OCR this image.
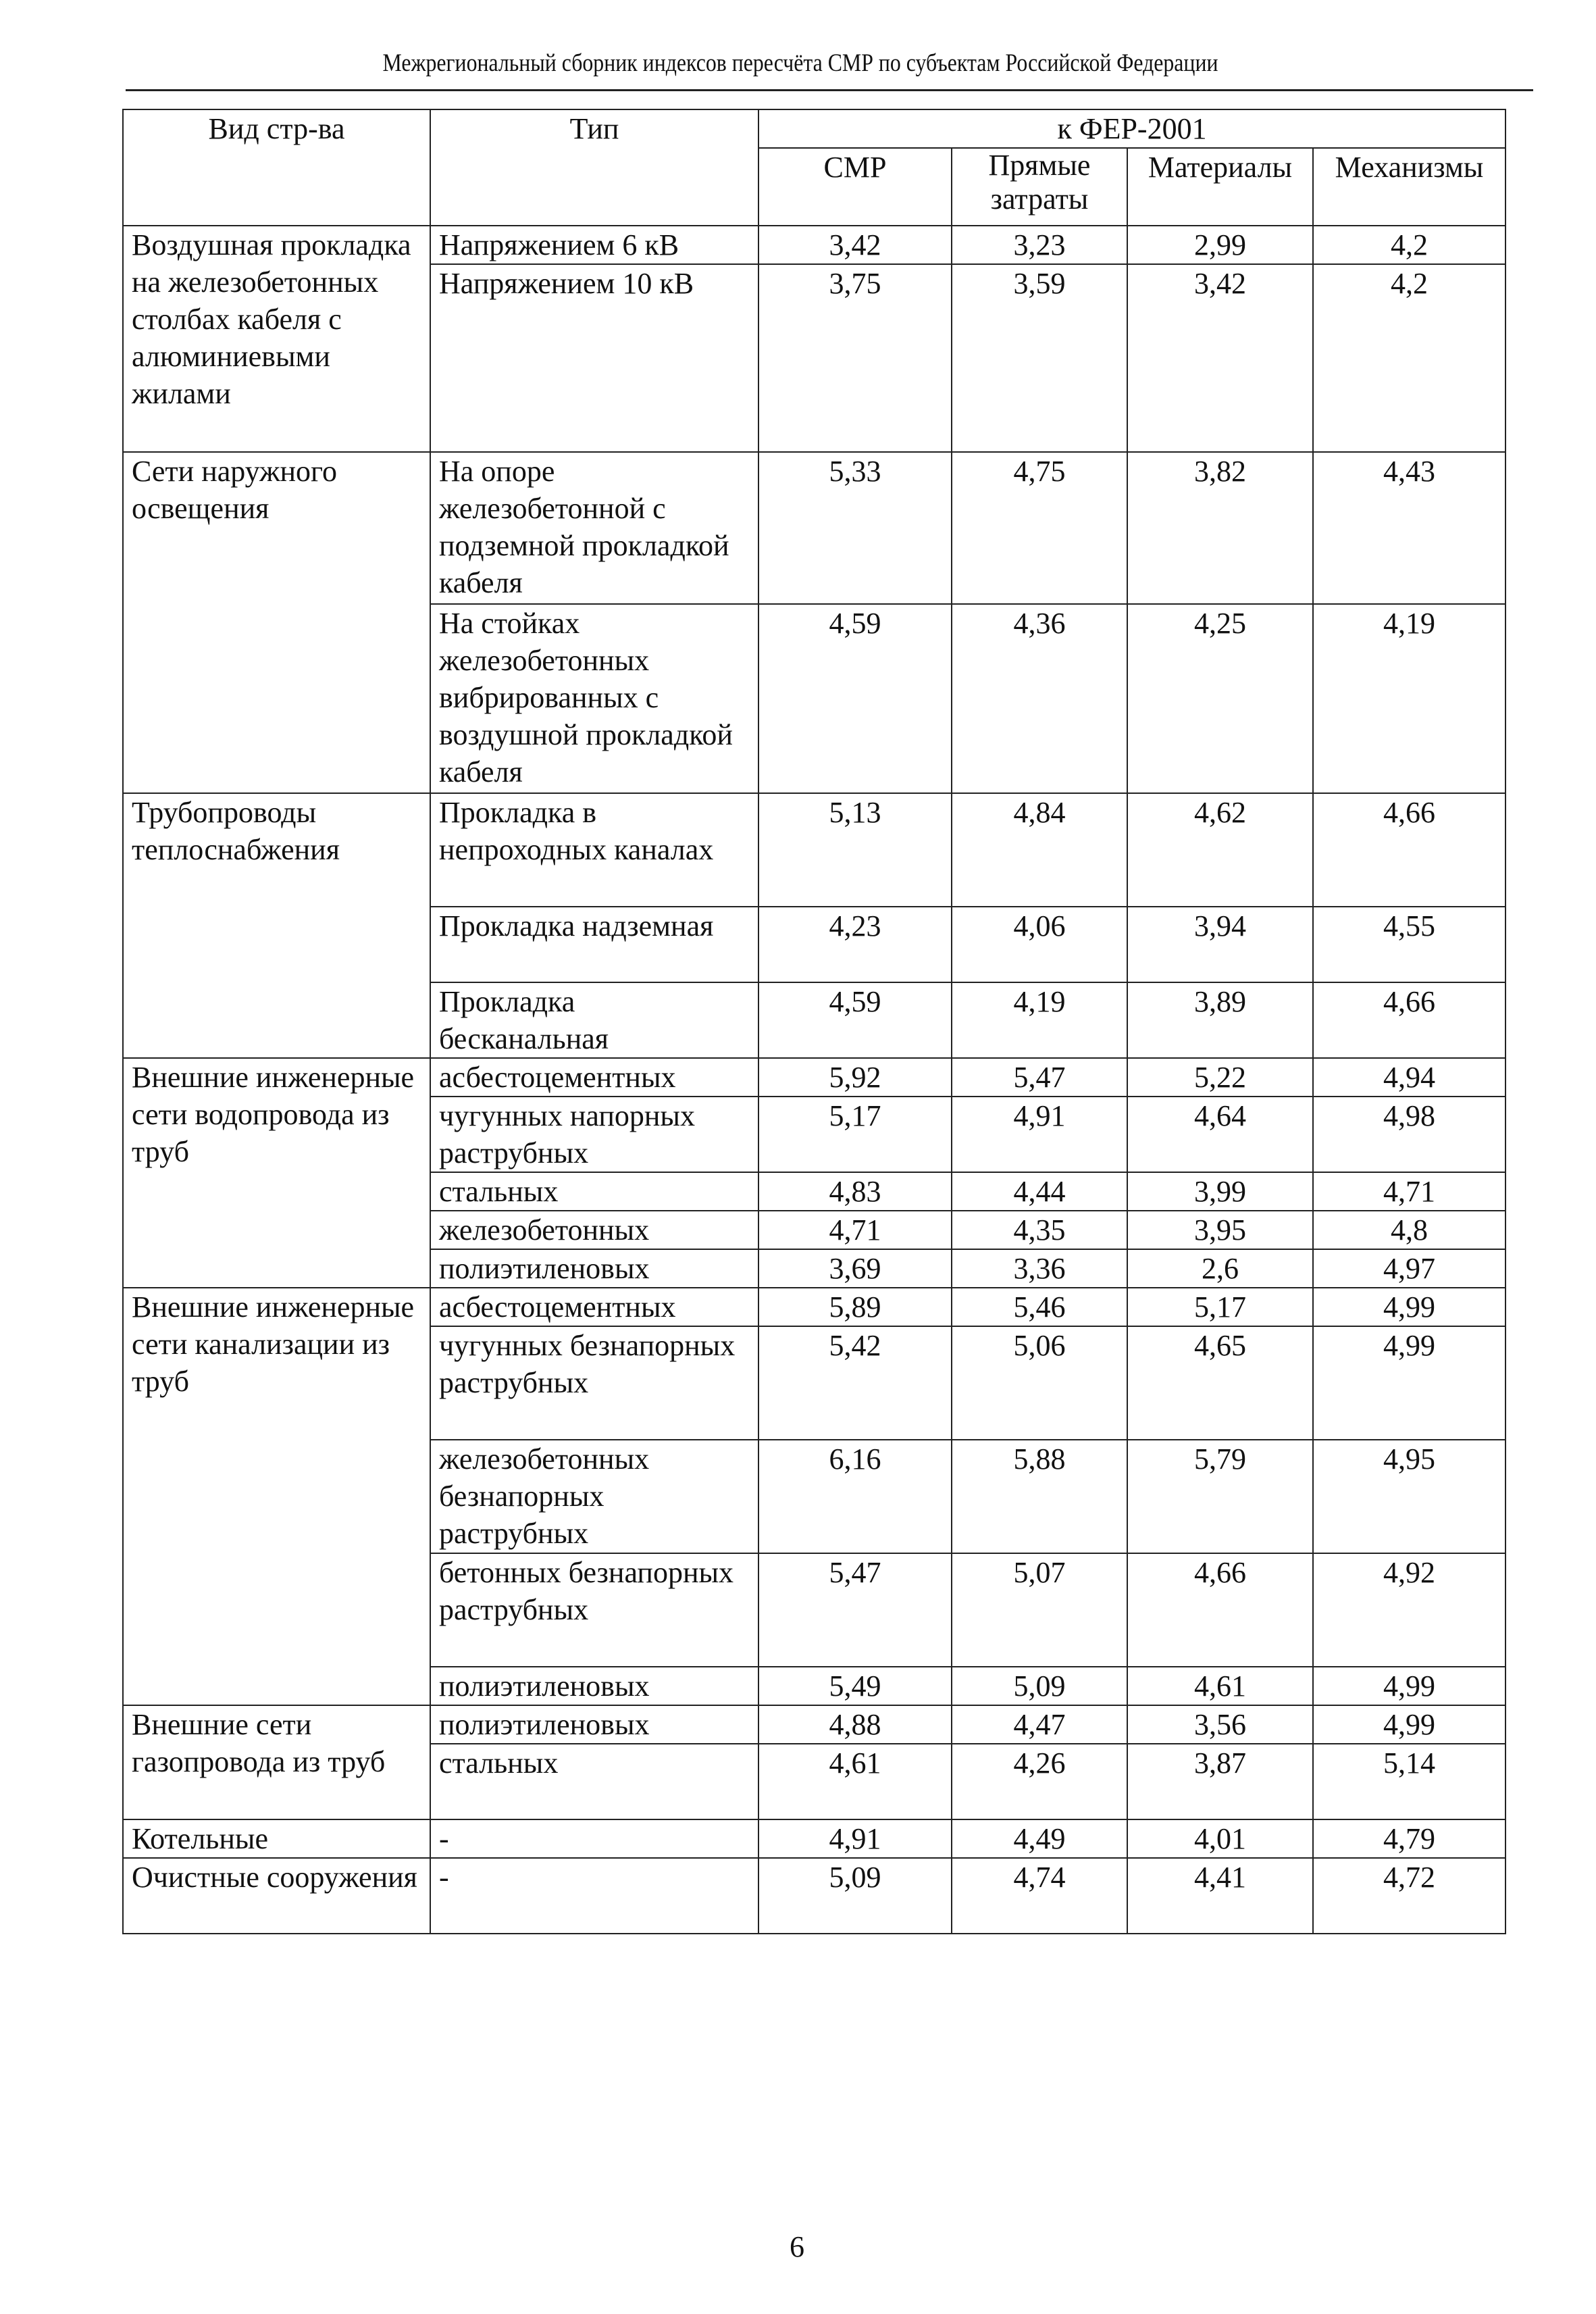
Межрегиональный сборник индексов пересчёта СМР по субъектам Российской Федерации
Вид стр-ва	Тип	к ФЕР-2001			
		СМР	Прямые затраты	Материалы	Механизмы
Воздушная прокладка на железобетонных столбах кабеля с алюминиевыми жилами	Напряжением 6 кВ	3,42	3,23	2,99	4,2
	Напряжением 10 кВ	3,75	3,59	3,42	4,2
Сети наружного освещения	На опоре железобетонной с подземной прокладкой кабеля	5,33	4,75	3,82	4,43
	На стойках железобетонных вибрированных с воздушной прокладкой кабеля	4,59	4,36	4,25	4,19
Трубопроводы теплоснабжения	Прокладка в непроходных каналах	5,13	4,84	4,62	4,66
	Прокладка надземная	4,23	4,06	3,94	4,55
	Прокладка бесканальная	4,59	4,19	3,89	4,66
Внешние инженерные сети водопровода из труб	асбестоцементных	5,92	5,47	5,22	4,94
	чугунных напорных раструбных	5,17	4,91	4,64	4,98
	стальных	4,83	4,44	3,99	4,71
	железобетонных	4,71	4,35	3,95	4,8
	полиэтиленовых	3,69	3,36	2,6	4,97
Внешние инженерные сети канализации из труб	асбестоцементных	5,89	5,46	5,17	4,99
	чугунных безнапорных раструбных	5,42	5,06	4,65	4,99
	железобетонных безнапорных раструбных	6,16	5,88	5,79	4,95
	бетонных безнапорных раструбных	5,47	5,07	4,66	4,92
	полиэтиленовых	5,49	5,09	4,61	4,99
Внешние сети газопровода из труб	полиэтиленовых	4,88	4,47	3,56	4,99
	стальных	4,61	4,26	3,87	5,14
Котельные	-	4,91	4,49	4,01	4,79
Очистные сооружения	-	5,09	4,74	4,41	4,72
6
